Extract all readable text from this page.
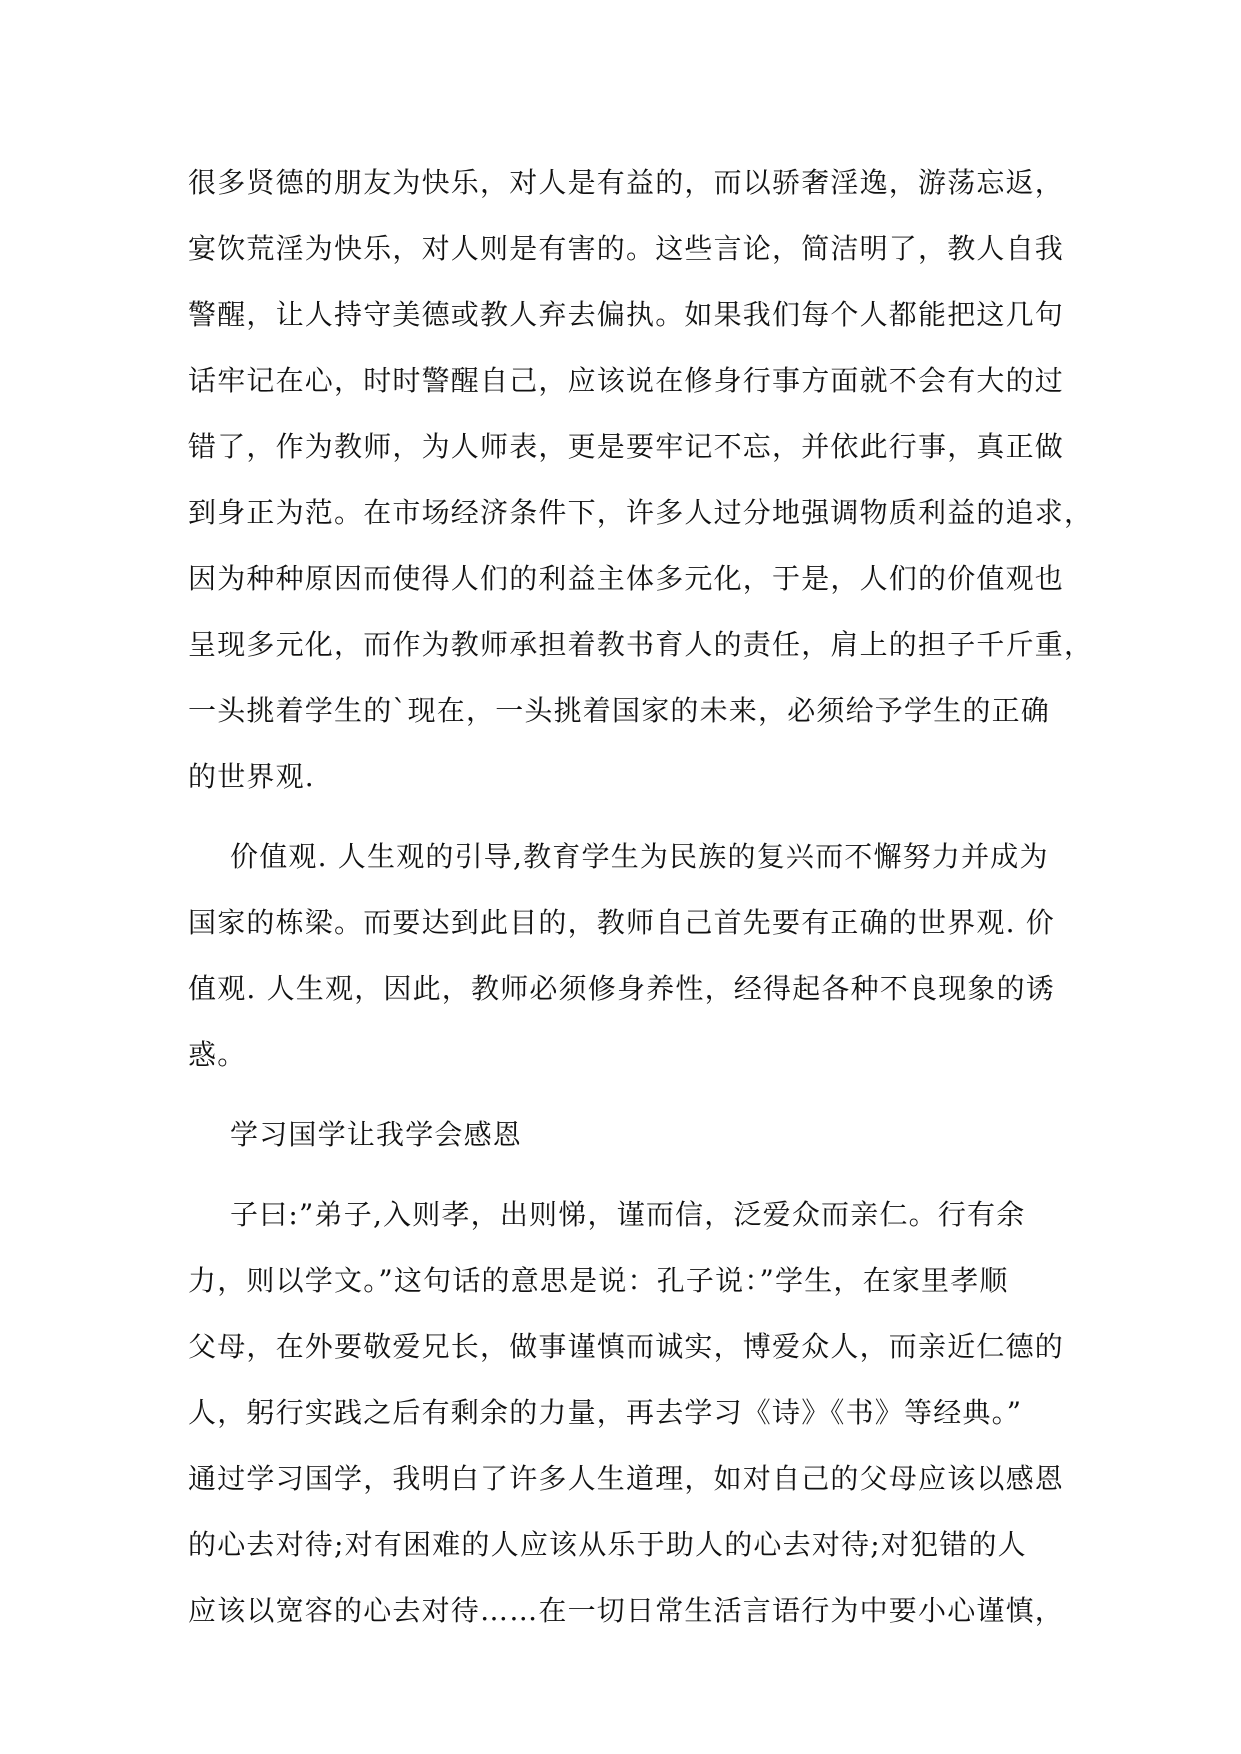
很多贤德的朋友为快乐，对人是有益的，而以骄奢淫逸，游荡忘返，
宴饮荒淫为快乐，对人则是有害的。这些言论，简洁明了，教人自我
警醒，让人持守美德或教人弃去偏执。如果我们每个人都能把这几句
话牢记在心，时时警醒自己，应该说在修身行事方面就不会有大的过
错了，作为教师，为人师表，更是要牢记不忘，并依此行事，真正做
到身正为范。在市场经济条件下，许多人过分地强调物质利益的追求，
因为种种原因而使得人们的利益主体多元化，于是，人们的价值观也
呈现多元化，而作为教师承担着教书育人的责任，肩上的担子千斤重，
一头挑着学生的`现在，一头挑着国家的未来，必须给予学生的正确
的世界观.
价值观. 人生观的引导,教育学生为民族的复兴而不懈努力并成为
国家的栋梁。而要达到此目的，教师自己首先要有正确的世界观. 价
值观. 人生观，因此，教师必须修身养性，经得起各种不良现象的诱
惑。
学习国学让我学会感恩
子曰:”弟子,入则孝，出则悌，谨而信，泛爱众而亲仁。行有余
力，则以学文。”这句话的意思是说：孔子说：”学生，在家里孝顺
父母，在外要敬爱兄长，做事谨慎而诚实，博爱众人，而亲近仁德的
人，躬行实践之后有剩余的力量，再去学习《诗》《书》等经典。”
通过学习国学，我明白了许多人生道理，如对自己的父母应该以感恩
的心去对待;对有困难的人应该从乐于助人的心去对待;对犯错的人
应该以宽容的心去对待……在一切日常生活言语行为中要小心谨慎，
